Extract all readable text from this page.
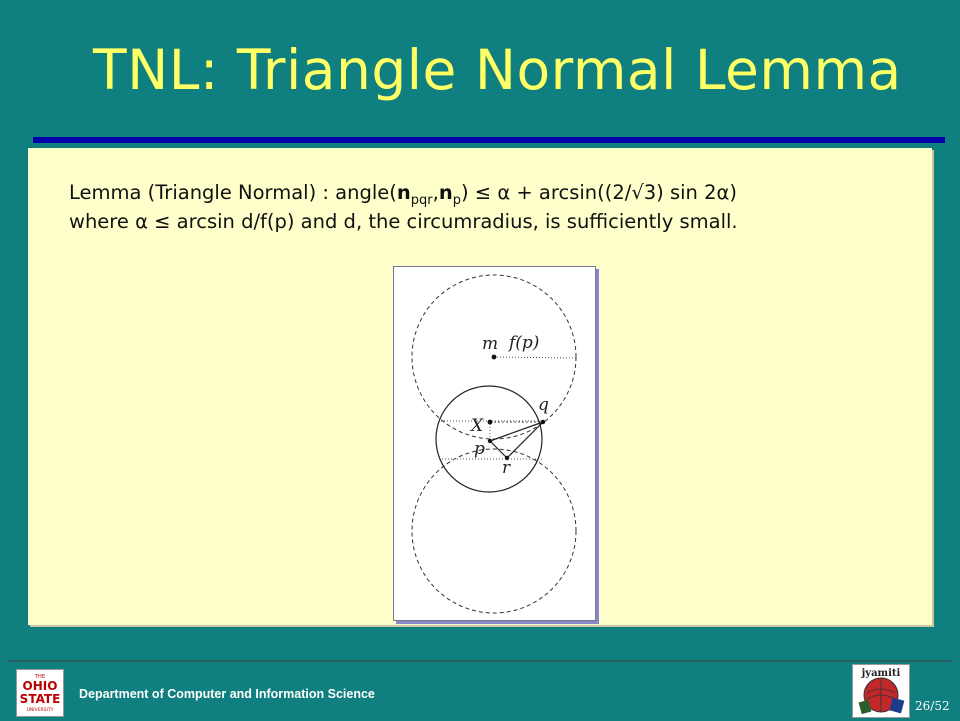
TNL: Triangle Normal Lemma
Lemma (Triangle Normal) : $angle(n_{pqr},n_p) \le \alpha + \arcsin((2/√3)$ sin 2α)
where α ≤ arcsin d/f(p) and d, the circumradius, is sufficiently small.
m f(p)
q
X
p
r
THE
OHIO
STATE
UNIVERSITY
Department of Computer and Information Science
jyamiti
26/52
